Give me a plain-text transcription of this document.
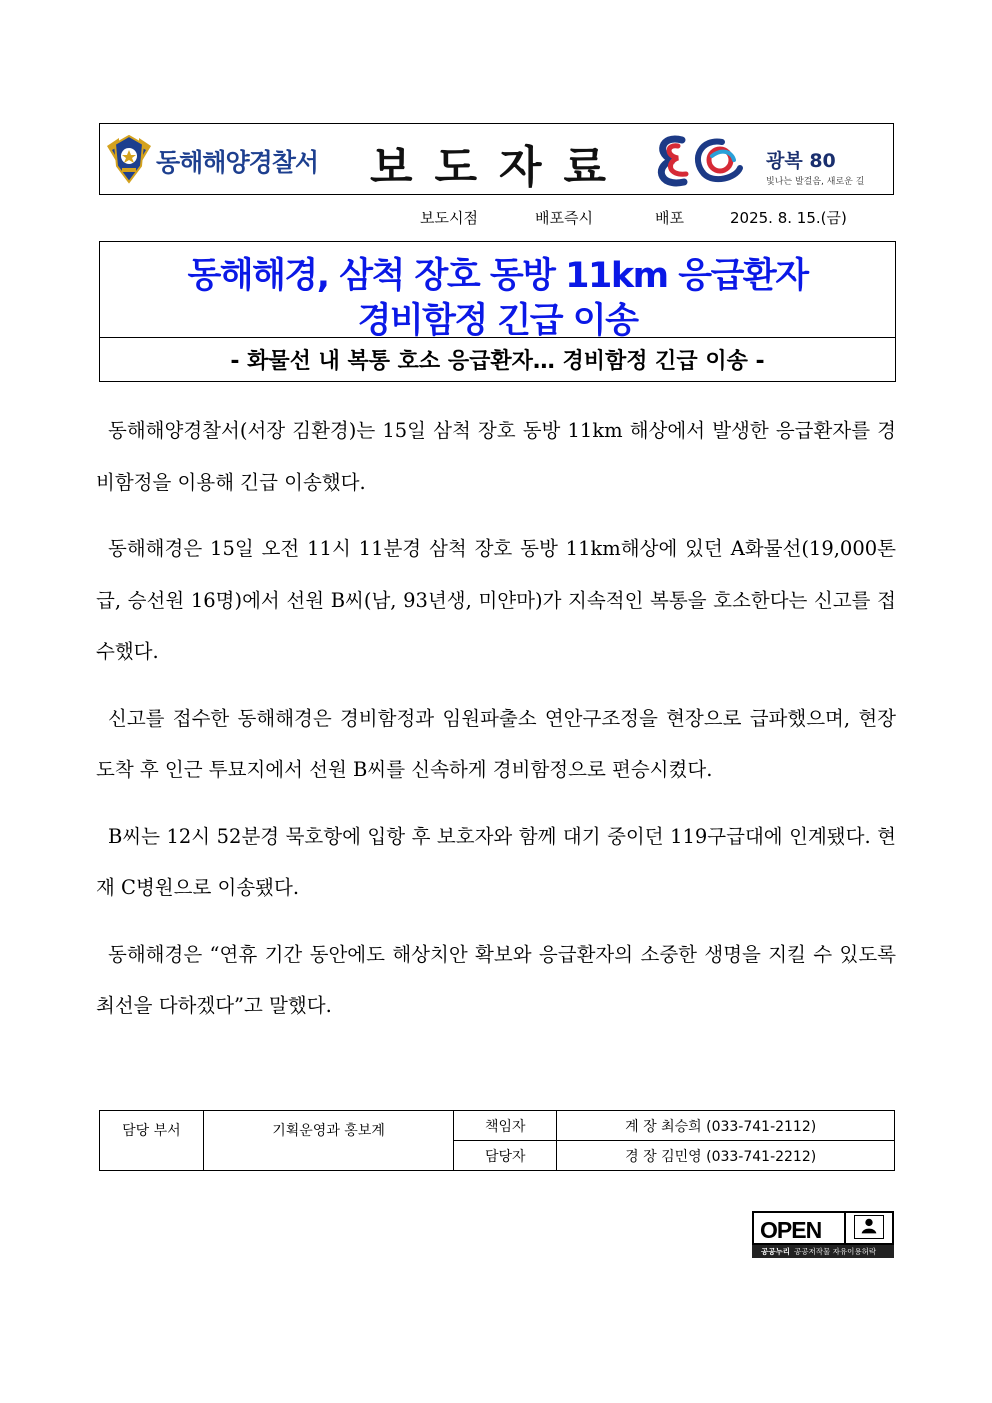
동해해양경찰서 보도자료	광복 80
빛나는 발걸음, 새로운 길
보도시점	배포즉시	배포	2025. 8. 15.(금)
동해해경, 삼척 장호 동방 11km 응급환자
경비함정 긴급 이송
- 화물선 내 복통 호소 응급환자… 경비함정 긴급 이송 -

동해해양경찰서(서장 김환경)는 15일 삼척 장호 동방 11km 해상에서 발생한 응급환자를 경비함정을 이용해 긴급 이송했다.

동해해경은 15일 오전 11시 11분경 삼척 장호 동방 11km해상에 있던 A화물선(19,000톤급, 승선원 16명)에서 선원 B씨(남, 93년생, 미얀마)가 지속적인 복통을 호소한다는 신고를 접수했다.

신고를 접수한 동해해경은 경비함정과 임원파출소 연안구조정을 현장으로 급파했으며, 현장 도착 후 인근 투묘지에서 선원 B씨를 신속하게 경비함정으로 편승시켰다.

B씨는 12시 52분경 묵호항에 입항 후 보호자와 함께 대기 중이던 119구급대에 인계됐다. 현재 C병원으로 이송됐다.

동해해경은 “연휴 기간 동안에도 해상치안 확보와 응급환자의 소중한 생명을 지킬 수 있도록 최선을 다하겠다”고 말했다.

담당 부서	기획운영과 홍보계	책임자	계 장 최승희 (033-741-2112)
		담당자	경 장 김민영 (033-741-2212)
OPEN
공공누리 공공저작물 자유이용허락
